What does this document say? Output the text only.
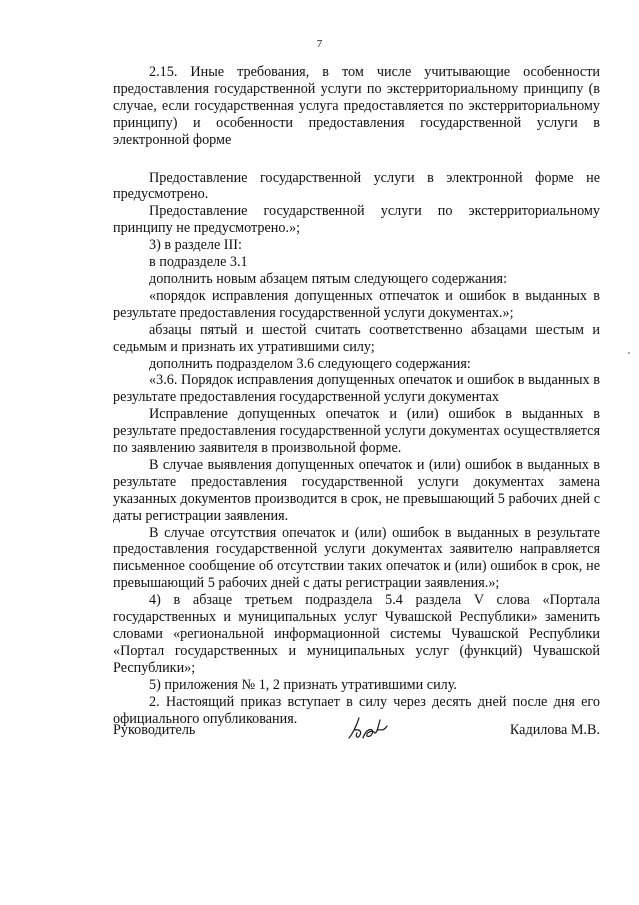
7

2.15. Иные требования, в том числе учитывающие особенности предоставления государственной услуги по экстерриториальному принципу (в случае, если государственная услуга предоставляется по экстерриториальному принципу) и особенности предоставления государственной услуги в электронной форме

Предоставление государственной услуги в электронной форме не предусмотрено.

Предоставление государственной услуги по экстерриториальному принципу не предусмотрено.»;

3) в разделе III:

в подразделе 3.1

дополнить новым абзацем пятым следующего содержания:

«порядок исправления допущенных отпечаток и ошибок в выданных в результате предоставления государственной услуги документах.»;

абзацы пятый и шестой считать соответственно абзацами шестым и седьмым и признать их утратившими силу;

дополнить подразделом 3.6 следующего содержания:

«3.6. Порядок исправления допущенных опечаток и ошибок в выданных в результате предоставления государственной услуги документах

Исправление допущенных опечаток и (или) ошибок в выданных в результате предоставления государственной услуги документах осуществляется по заявлению заявителя в произвольной форме.

В случае выявления допущенных опечаток и (или) ошибок в выданных в результате предоставления государственной услуги документах замена указанных документов производится в срок, не превышающий 5 рабочих дней с даты регистрации заявления.

В случае отсутствия опечаток и (или) ошибок в выданных в результате предоставления государственной услуги документах заявителю направляется письменное сообщение об отсутствии таких опечаток и (или) ошибок в срок, не превышающий 5 рабочих дней с даты регистрации заявления.»;

4) в абзаце третьем подраздела 5.4 раздела V слова «Портала государственных и муниципальных услуг Чувашской Республики» заменить словами «региональной информационной системы Чувашской Республики «Портал государственных и муниципальных услуг (функций) Чувашской Республики»;

5) приложения № 1, 2 признать утратившими силу.

2. Настоящий приказ вступает в силу через десять дней после дня его официального опубликования.

Руководитель	Кадилова М.В.
